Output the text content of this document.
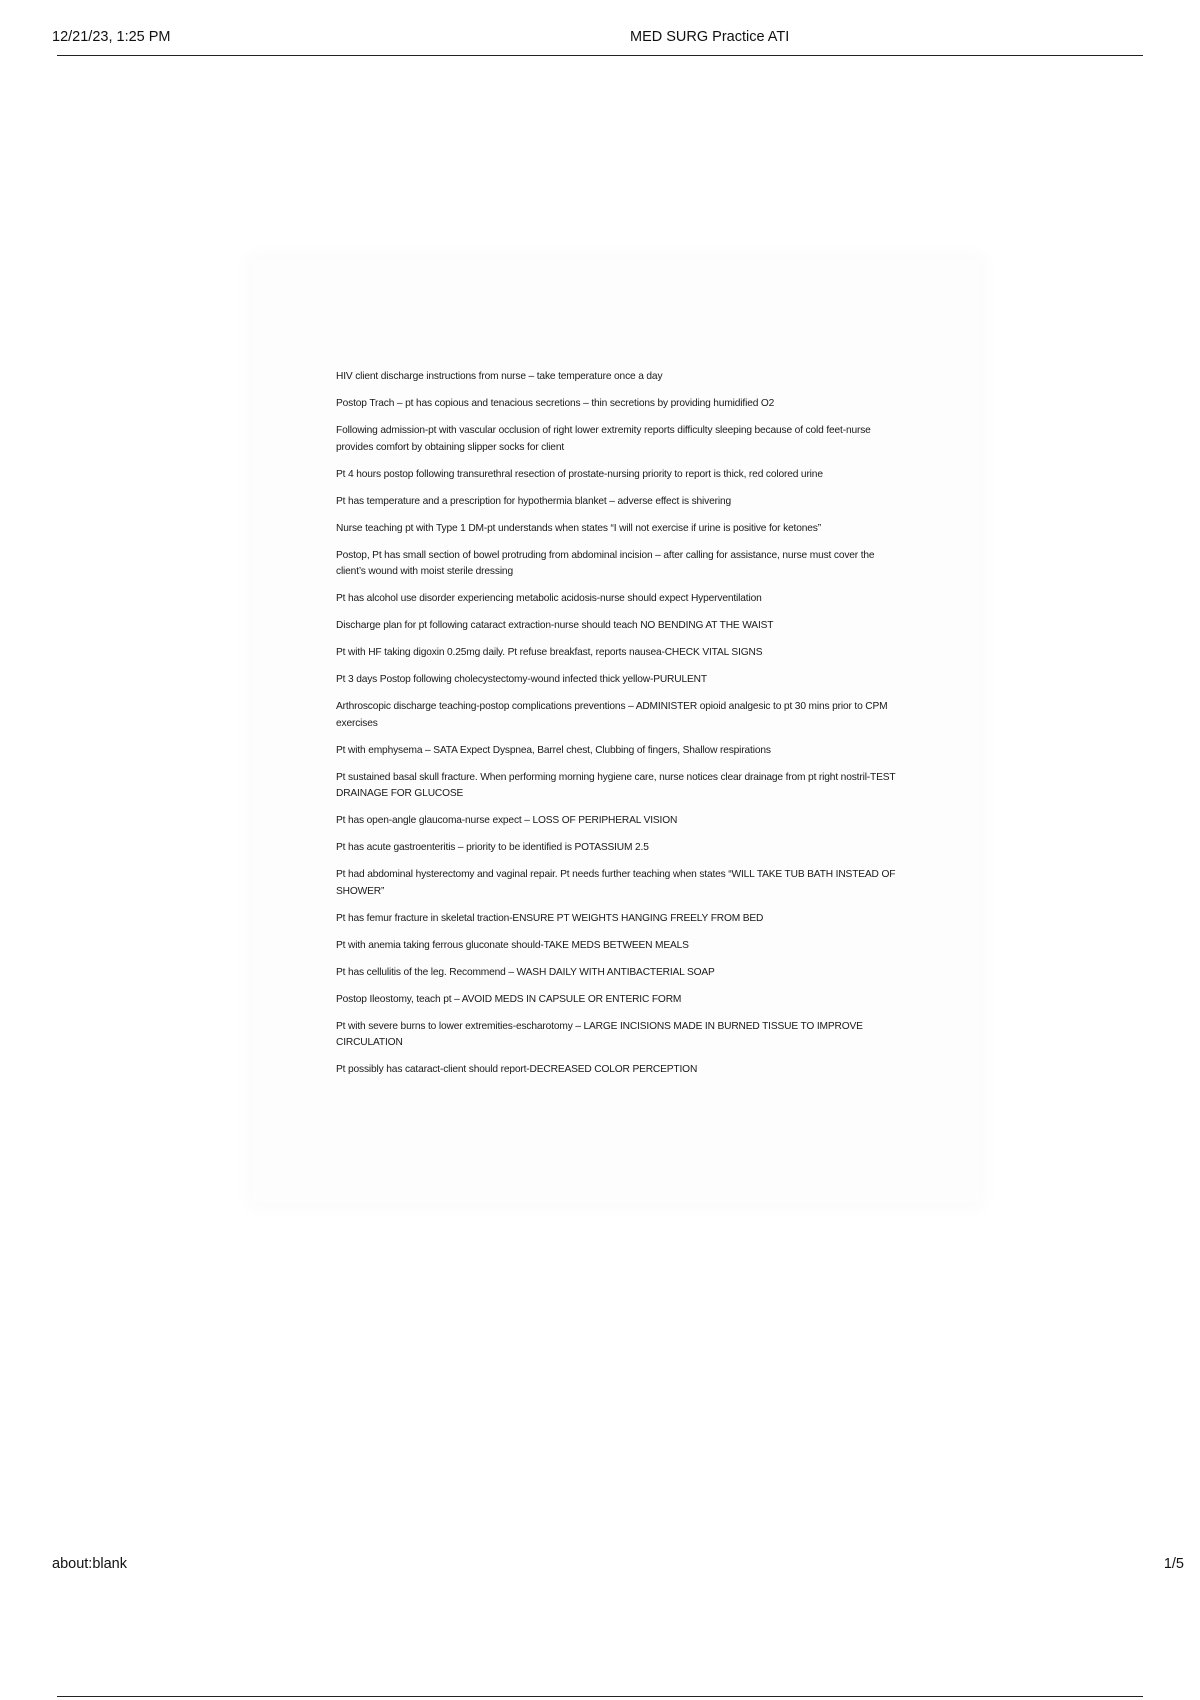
12/21/23, 1:25 PM	MED SURG Practice ATI
HIV client discharge instructions from nurse – take temperature once a day
Postop Trach – pt has copious and tenacious secretions – thin secretions by providing humidified O2
Following admission-pt with vascular occlusion of right lower extremity reports difficulty sleeping because of cold feet-nurse provides comfort by obtaining slipper socks for client
Pt 4 hours postop following transurethral resection of prostate-nursing priority to report is thick, red colored urine
Pt has temperature and a prescription for hypothermia blanket – adverse effect is shivering
Nurse teaching pt with Type 1 DM-pt understands when states “I will not exercise if urine is positive for ketones”
Postop, Pt has small section of bowel protruding from abdominal incision – after calling for assistance, nurse must cover the client’s wound with moist sterile dressing
Pt has alcohol use disorder experiencing metabolic acidosis-nurse should expect Hyperventilation
Discharge plan for pt following cataract extraction-nurse should teach NO BENDING AT THE WAIST
Pt with HF taking digoxin 0.25mg daily. Pt refuse breakfast, reports nausea-CHECK VITAL SIGNS
Pt 3 days Postop following cholecystectomy-wound infected thick yellow-PURULENT
Arthroscopic discharge teaching-postop complications preventions – ADMINISTER opioid analgesic to pt 30 mins prior to CPM exercises
Pt with emphysema – SATA Expect Dyspnea, Barrel chest, Clubbing of fingers, Shallow respirations
Pt sustained basal skull fracture. When performing morning hygiene care, nurse notices clear drainage from pt right nostril-TEST DRAINAGE FOR GLUCOSE
Pt has open-angle glaucoma-nurse expect – LOSS OF PERIPHERAL VISION
Pt has acute gastroenteritis – priority to be identified is POTASSIUM 2.5
Pt had abdominal hysterectomy and vaginal repair. Pt needs further teaching when states “WILL TAKE TUB BATH INSTEAD OF SHOWER”
Pt has femur fracture in skeletal traction-ENSURE PT WEIGHTS HANGING FREELY FROM BED
Pt with anemia taking ferrous gluconate should-TAKE MEDS BETWEEN MEALS
Pt has cellulitis of the leg. Recommend – WASH DAILY WITH ANTIBACTERIAL SOAP
Postop Ileostomy, teach pt – AVOID MEDS IN CAPSULE OR ENTERIC FORM
Pt with severe burns to lower extremities-escharotomy – LARGE INCISIONS MADE IN BURNED TISSUE TO IMPROVE CIRCULATION
Pt possibly has cataract-client should report-DECREASED COLOR PERCEPTION
about:blank	1/5
